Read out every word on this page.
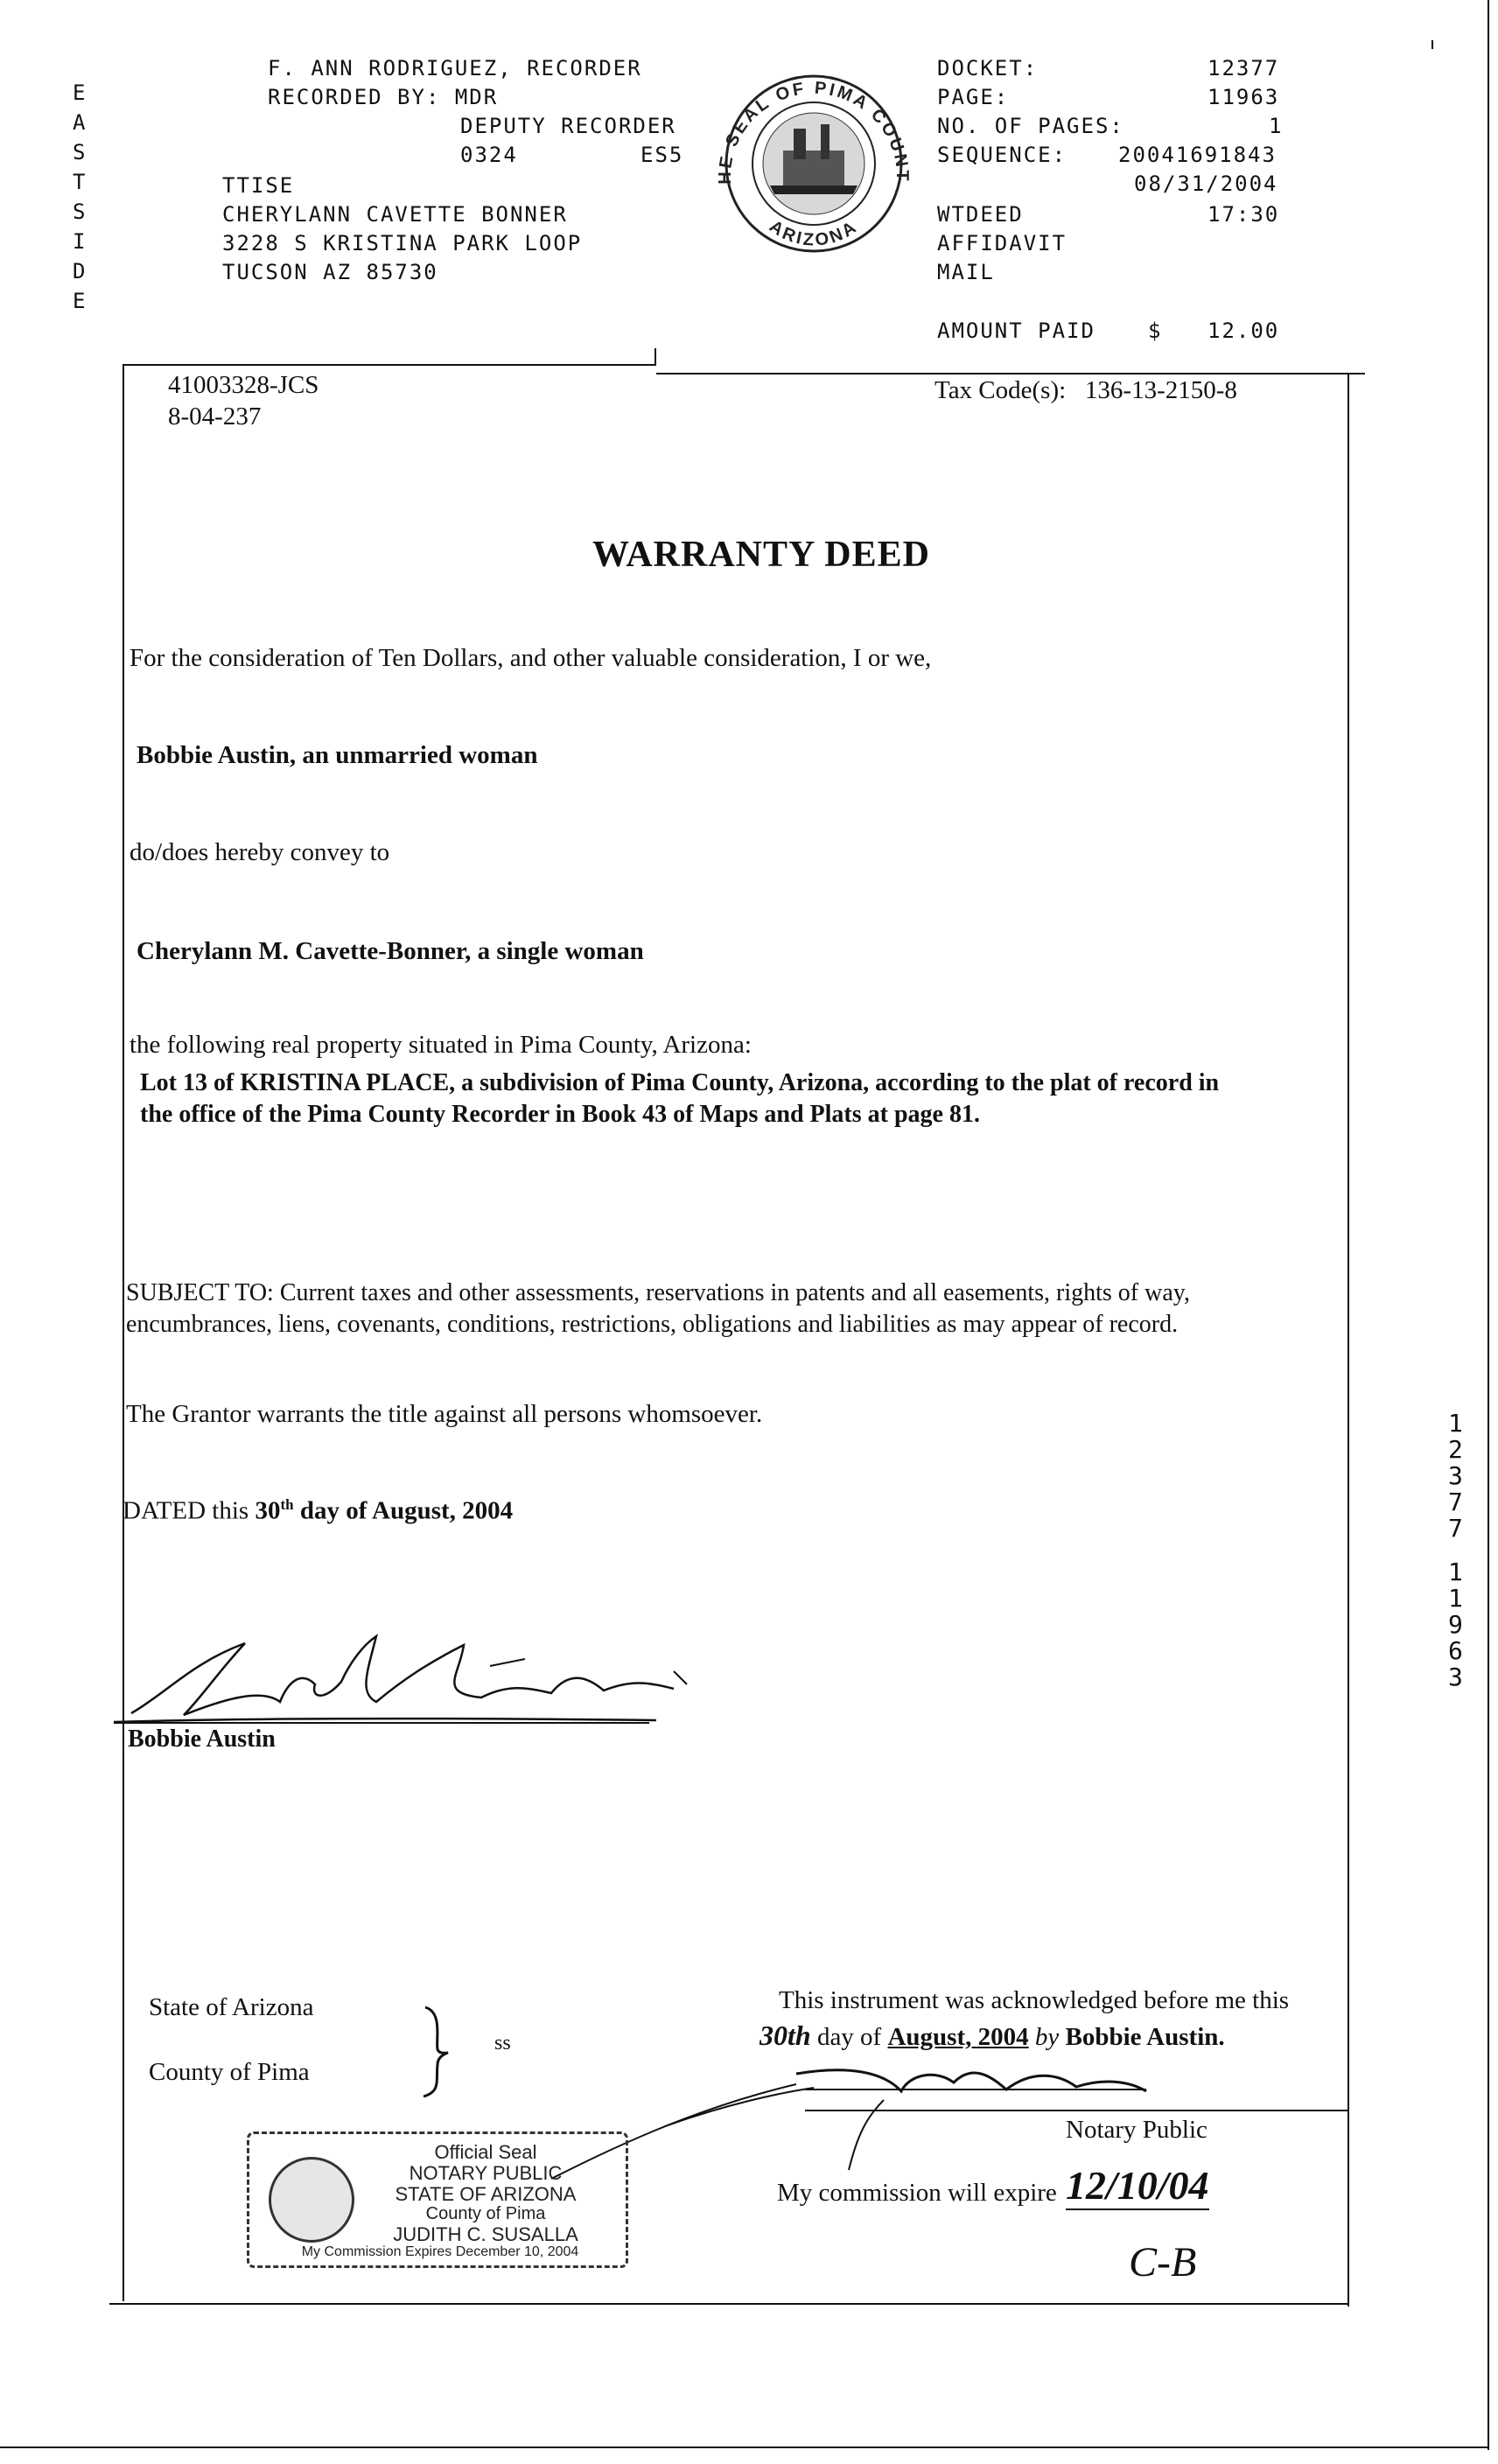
E
A
S
T
S
I
D
E
F. ANN RODRIGUEZ, RECORDER
RECORDED BY: MDR
DEPUTY RECORDER
0324	ES5
TTISE
CHERYLANN CAVETTE BONNER
3228 S KRISTINA PARK LOOP
TUCSON AZ 85730
HE SEAL OF PIMA COUNT
ARIZONA
DOCKET:	12377
PAGE:	11963
NO. OF PAGES:	1
SEQUENCE: 20041691843
08/31/2004
WTDEED	17:30
AFFIDAVIT
MAIL
AMOUNT PAID	$ 12.00
41003328-JCS
8-04-237
Tax Code(s):   136-13-2150-8
WARRANTY DEED
For the consideration of Ten Dollars, and other valuable consideration, I or we,
Bobbie Austin, an unmarried woman
do/does hereby convey to
Cherylann M. Cavette-Bonner, a single woman
the following real property situated in Pima County, Arizona:
Lot 13 of KRISTINA PLACE, a subdivision of Pima County, Arizona, according to the plat of record in
the office of the Pima County Recorder in Book 43 of Maps and Plats at page 81.
SUBJECT TO: Current taxes and other assessments, reservations in patents and all easements, rights of way,
encumbrances, liens, covenants, conditions, restrictions, obligations and liabilities as may appear of record.
The Grantor warrants the title against all persons whomsoever.
DATED this 30th day of August, 2004
Bobbie Austin
State of Arizona
County of Pima
ss
This instrument was acknowledged before me this
30th day of August, 2004 by Bobbie Austin.
Notary Public
My commission will expire 12/10/04
C-B
Official Seal
NOTARY PUBLIC
STATE OF ARIZONA
County of Pima
JUDITH C. SUSALLA
My Commission Expires December 10, 2004
1
2
3
7
7
1
1
9
6
3
